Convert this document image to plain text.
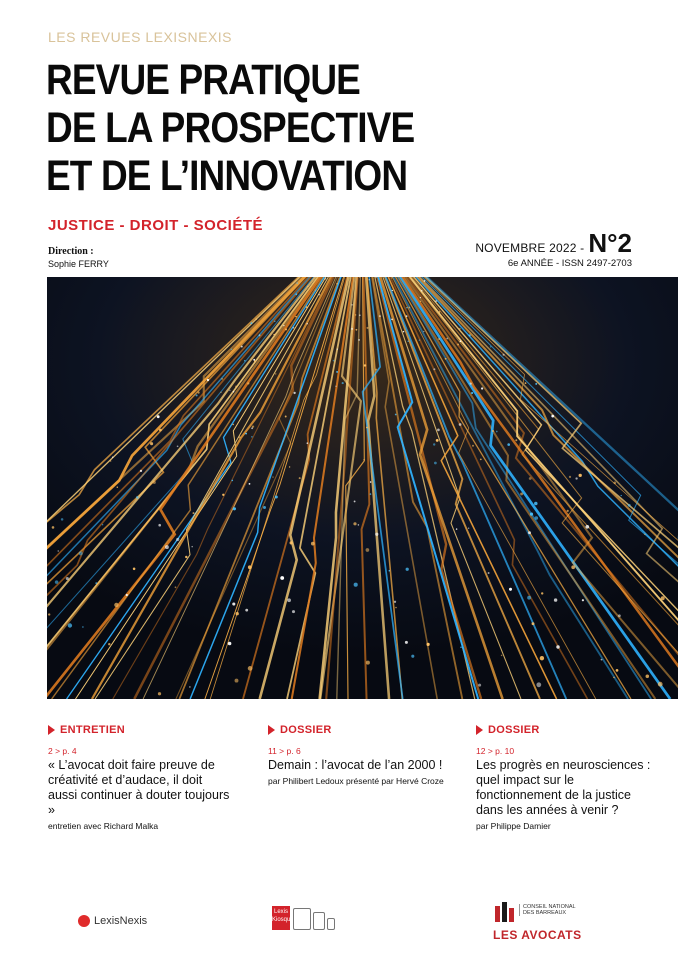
LES REVUES LEXISNEXIS
REVUE PRATIQUE
DE LA PROSPECTIVE
ET DE L’INNOVATION
JUSTICE - DROIT - SOCIÉTÉ
Direction :
Sophie FERRY
NOVEMBRE 2022 - N°2
6e ANNÉE - ISSN 2497-2703
ENTRETIEN
2 > p. 4
« L’avocat doit faire preuve de créativité et d’audace, il doit aussi continuer à douter toujours »
entretien avec Richard Malka
DOSSIER
11 > p. 6
Demain : l’avocat de l’an 2000 !
par Philibert Ledoux présenté par Hervé Croze
DOSSIER
12 > p. 10
Les progrès en neurosciences : quel impact sur le fonctionnement de la justice dans les années à venir ?
par Philippe Damier
LexisNexis
Lexis Kiosque
CONSEIL NATIONAL DES BARREAUX
LES AVOCATS
